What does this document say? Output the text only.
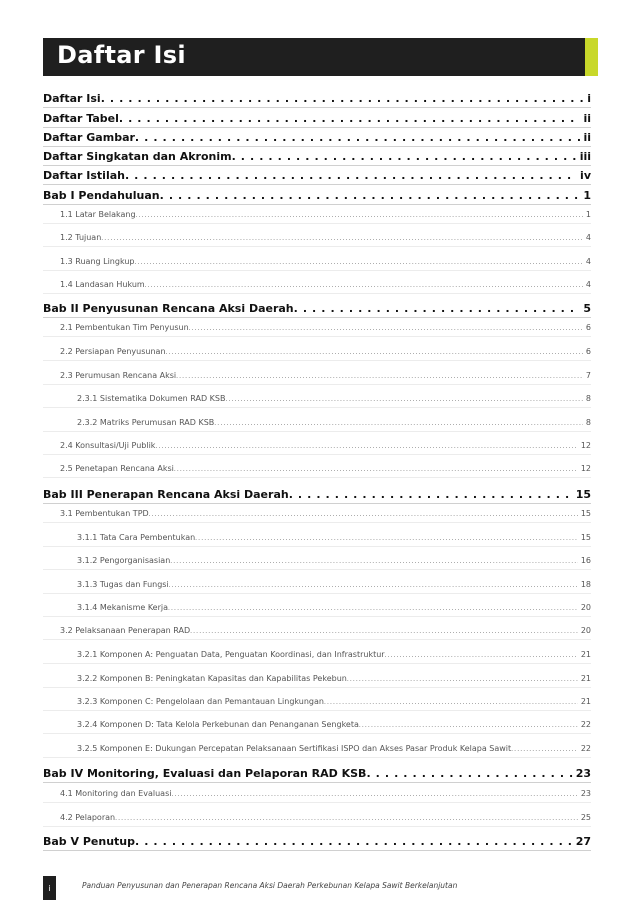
Daftar Isi
Daftar Isi . . .	i
Daftar Tabel . . .	ii
Daftar Gambar . . .	ii
Daftar Singkatan dan Akronim . . .	iii
Daftar Istilah . . .	iv
Bab I Pendahuluan . . .	1
1.1 Latar Belakang . . .	1
1.2 Tujuan . . .	4
1.3 Ruang Lingkup . . .	4
1.4 Landasan Hukum . . .	4
Bab II Penyusunan Rencana Aksi Daerah . . .	5
2.1 Pembentukan Tim Penyusun . . .	6
2.2 Persiapan Penyusunan . . .	6
2.3 Perumusan Rencana Aksi . . .	7
2.3.1 Sistematika Dokumen RAD KSB . . .	8
2.3.2 Matriks Perumusan RAD KSB . . .	8
2.4 Konsultasi/Uji Publik . . .	12
2.5 Penetapan Rencana Aksi . . .	12
Bab III Penerapan Rencana Aksi Daerah . . .	15
3.1 Pembentukan TPD . . .	15
3.1.1 Tata Cara Pembentukan . . .	15
3.1.2 Pengorganisasian . . .	16
3.1.3 Tugas dan Fungsi . . .	18
3.1.4 Mekanisme Kerja . . .	20
3.2 Pelaksanaan Penerapan RAD . . .	20
3.2.1 Komponen A: Penguatan Data, Penguatan Koordinasi, dan Infrastruktur . . .	21
3.2.2 Komponen B: Peningkatan Kapasitas dan Kapabilitas Pekebun . . .	21
3.2.3 Komponen C: Pengelolaan dan Pemantauan Lingkungan . . .	21
3.2.4 Komponen D: Tata Kelola Perkebunan dan Penanganan Sengketa . . .	22
3.2.5 Komponen E: Dukungan Percepatan Pelaksanaan Sertifikasi ISPO dan Akses Pasar Produk Kelapa Sawit . . .	22
Bab IV Monitoring, Evaluasi dan Pelaporan RAD KSB . . .	23
4.1 Monitoring dan Evaluasi . . .	23
4.2 Pelaporan . . .	25
Bab V Penutup . . .	27
i	Panduan Penyusunan dan Penerapan Rencana Aksi Daerah Perkebunan Kelapa Sawit Berkelanjutan
